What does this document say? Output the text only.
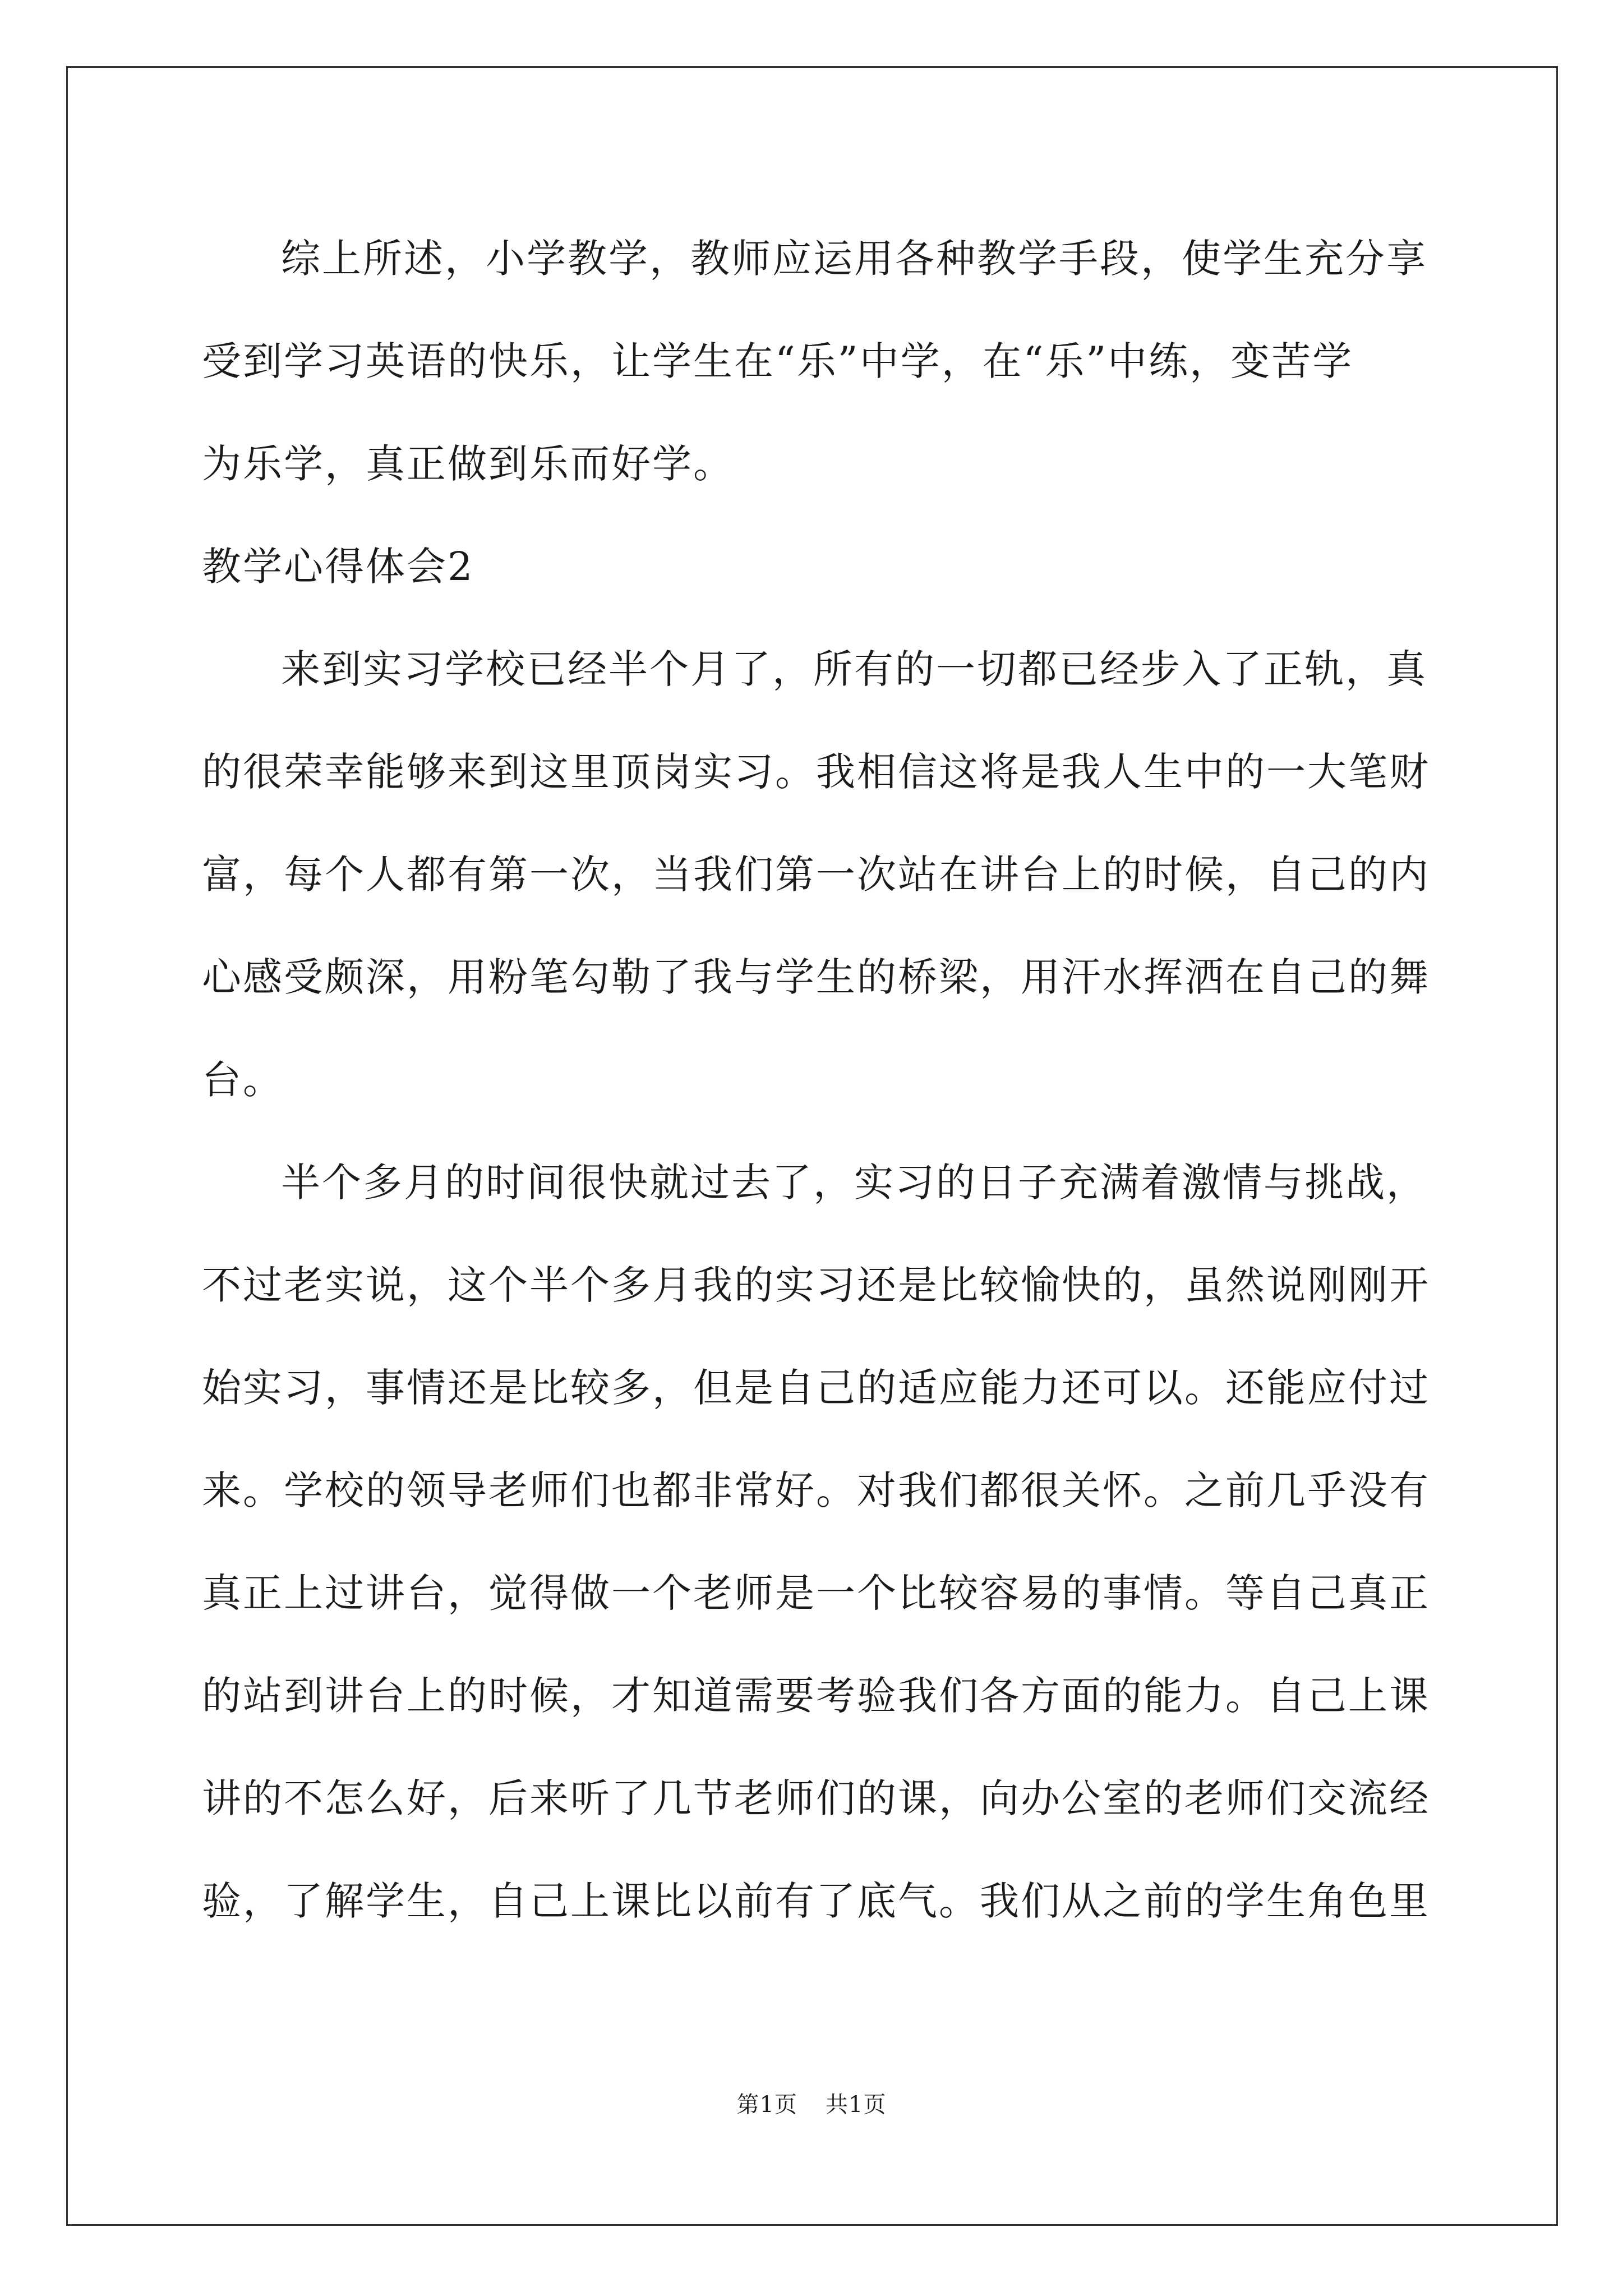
综上所述，小学教学，教师应运用各种教学手段，使学生充分享
受到学习英语的快乐，让学生在“乐”中学，在“乐”中练，变苦学
为乐学，真正做到乐而好学。
教学心得体会2
来到实习学校已经半个月了，所有的一切都已经步入了正轨，真
的很荣幸能够来到这里顶岗实习。我相信这将是我人生中的一大笔财
富，每个人都有第一次，当我们第一次站在讲台上的时候，自己的内
心感受颇深，用粉笔勾勒了我与学生的桥梁，用汗水挥洒在自己的舞
台。
半个多月的时间很快就过去了，实习的日子充满着激情与挑战，
不过老实说，这个半个多月我的实习还是比较愉快的，虽然说刚刚开
始实习，事情还是比较多，但是自己的适应能力还可以。还能应付过
来。学校的领导老师们也都非常好。对我们都很关怀。之前几乎没有
真正上过讲台，觉得做一个老师是一个比较容易的事情。等自己真正
的站到讲台上的时候，才知道需要考验我们各方面的能力。自己上课
讲的不怎么好，后来听了几节老师们的课，向办公室的老师们交流经
验，了解学生，自己上课比以前有了底气。我们从之前的学生角色里
第1页 共1页
